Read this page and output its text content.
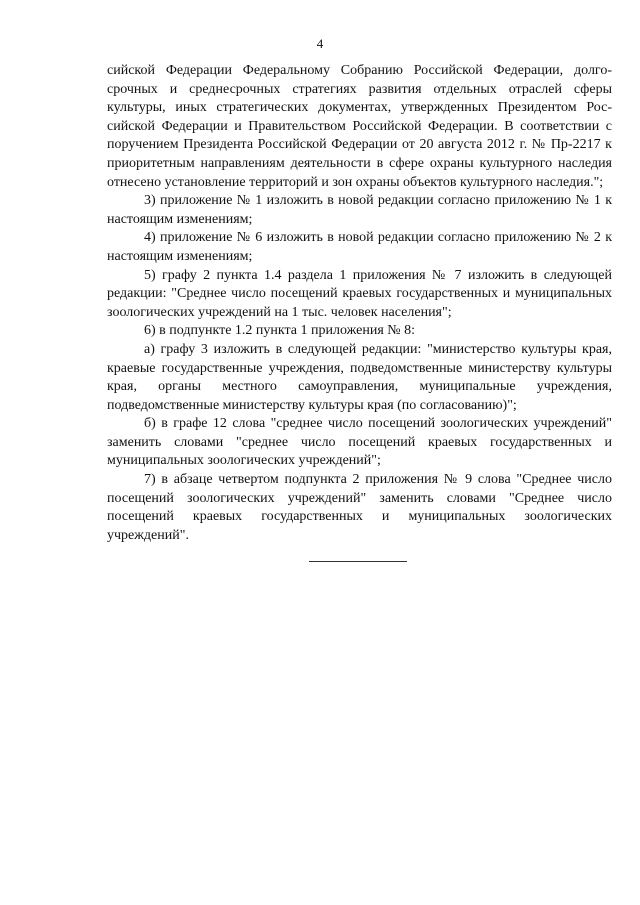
4

сийской Федерации Федеральному Собранию Российской Федерации, долгосрочных и среднесрочных стратегиях развития отдельных отраслей сферы культуры, иных стратегических документах, утвержденных Президентом Российской Федерации и Правительством Российской Федерации. В соответствии с поручением Президента Российской Федерации от 20 августа 2012 г. № Пр-2217 к приоритетным направлениям деятельности в сфере охраны культурного наследия отнесено установление территорий и зон охраны объектов культурного наследия.";

3) приложение № 1 изложить в новой редакции согласно приложению № 1 к настоящим изменениям;

4) приложение № 6 изложить в новой редакции согласно приложению № 2 к настоящим изменениям;

5) графу 2 пункта 1.4 раздела 1 приложения № 7 изложить в следующей редакции: "Среднее число посещений краевых государственных и муниципальных зоологических учреждений на 1 тыс. человек населения";

6) в подпункте 1.2 пункта 1 приложения № 8:

а) графу 3 изложить в следующей редакции: "министерство культуры края, краевые государственные учреждения, подведомственные министерству культуры края, органы местного самоуправления, муниципальные учреждения, подведомственные министерству культуры края (по согласованию)";

б) в графе 12 слова "среднее число посещений зоологических учреждений" заменить словами "среднее число посещений краевых государственных и муниципальных зоологических учреждений";

7) в абзаце четвертом подпункта 2 приложения № 9 слова "Среднее число посещений зоологических учреждений" заменить словами "Среднее число посещений краевых государственных и муниципальных зоологических учреждений".
